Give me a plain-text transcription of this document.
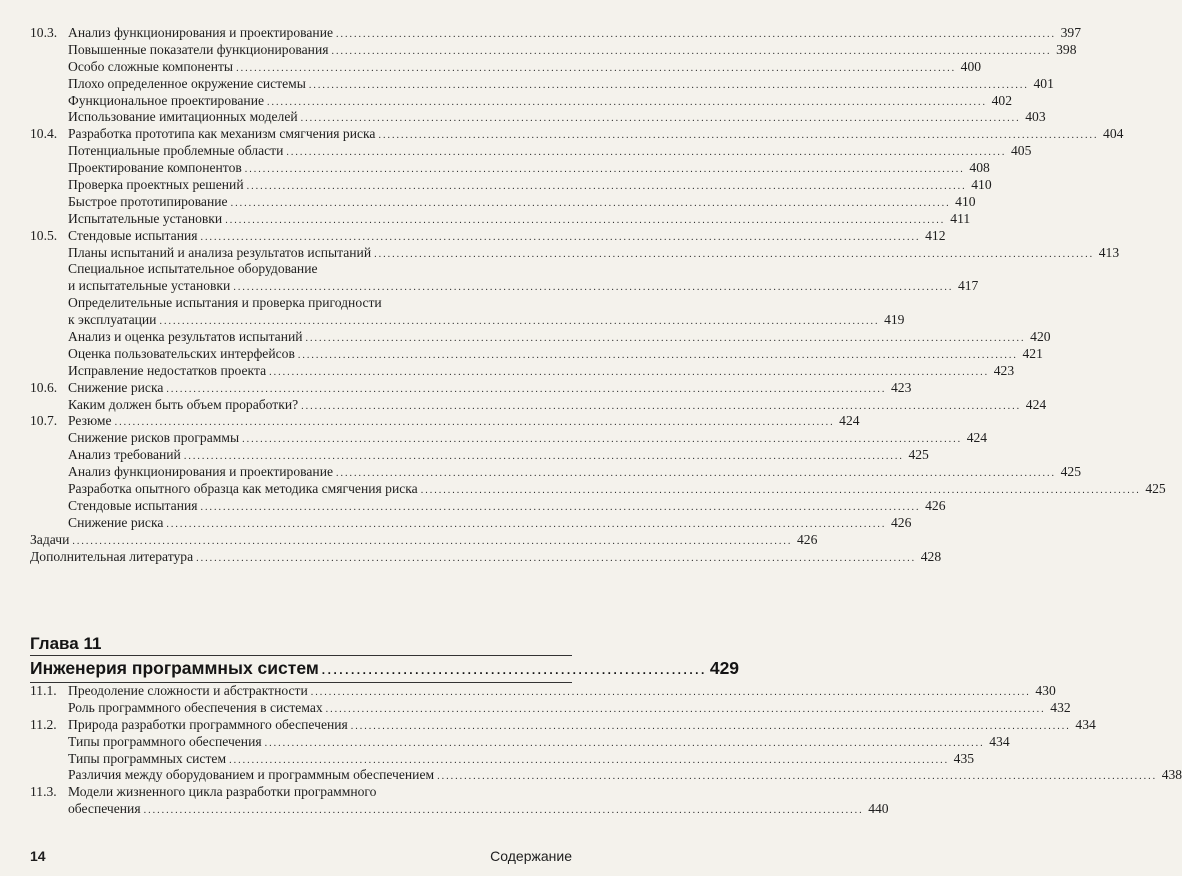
10.3. Анализ функционирования и проектирование ................................................................................................................................................................ 397
Повышенные показатели функционирования ................................................................................................................................................................ 398
Особо сложные компоненты ................................................................................................................................................................ 400
Плохо определенное окружение системы ................................................................................................................................................................ 401
Функциональное проектирование ................................................................................................................................................................ 402
Использование имитационных моделей ................................................................................................................................................................ 403
10.4. Разработка прототипа как механизм смягчения риска ................................................................................................................................................................ 404
Потенциальные проблемные области ................................................................................................................................................................ 405
Проектирование компонентов ................................................................................................................................................................ 408
Проверка проектных решений ................................................................................................................................................................ 410
Быстрое прототипирование ................................................................................................................................................................ 410
Испытательные установки ................................................................................................................................................................ 411
10.5. Стендовые испытания ................................................................................................................................................................ 412
Планы испытаний и анализа результатов испытаний ................................................................................................................................................................ 413
Специальное испытательное оборудование
и испытательные установки ................................................................................................................................................................ 417
Определительные испытания и проверка пригодности
к эксплуатации ................................................................................................................................................................ 419
Анализ и оценка результатов испытаний ................................................................................................................................................................ 420
Оценка пользовательских интерфейсов ................................................................................................................................................................ 421
Исправление недостатков проекта ................................................................................................................................................................ 423
10.6. Снижение риска ................................................................................................................................................................ 423
Каким должен быть объем проработки? ................................................................................................................................................................ 424
10.7. Резюме ................................................................................................................................................................ 424
Снижение рисков программы ................................................................................................................................................................ 424
Анализ требований ................................................................................................................................................................ 425
Анализ функционирования и проектирование ................................................................................................................................................................ 425
Разработка опытного образца как методика смягчения риска ................................................................................................................................................................ 425
Стендовые испытания ................................................................................................................................................................ 426
Снижение риска ................................................................................................................................................................ 426
Задачи ................................................................................................................................................................ 426
Дополнительная литература ................................................................................................................................................................ 428
Глава 11
Инженерия программных систем .................................................................. 429
11.1. Преодоление сложности и абстрактности ................................................................................................................................................................ 430
Роль программного обеспечения в системах ................................................................................................................................................................ 432
11.2. Природа разработки программного обеспечения ................................................................................................................................................................ 434
Типы программного обеспечения ................................................................................................................................................................ 434
Типы программных систем ................................................................................................................................................................ 435
Различия между оборудованием и программным обеспечением ................................................................................................................................................................ 438
11.3. Модели жизненного цикла разработки программного
обеспечения ................................................................................................................................................................ 440
14	Содержание
